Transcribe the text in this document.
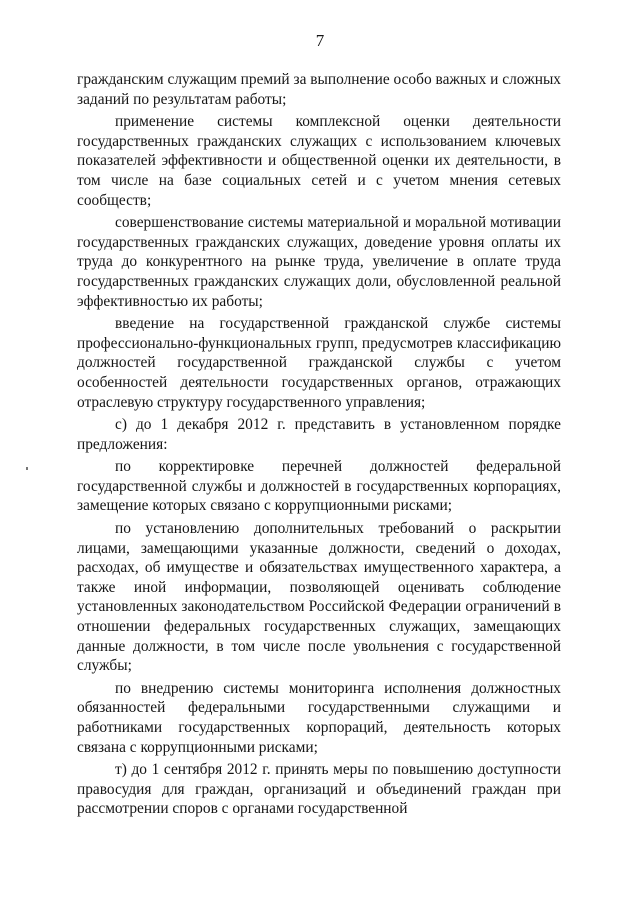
7

гражданским служащим премий за выполнение особо важных и сложных заданий по результатам работы;

применение системы комплексной оценки деятельности государственных гражданских служащих с использованием ключевых показателей эффективности и общественной оценки их деятельности, в том числе на базе социальных сетей и с учетом мнения сетевых сообществ;

совершенствование системы материальной и моральной мотивации государственных гражданских служащих, доведение уровня оплаты их труда до конкурентного на рынке труда, увеличение в оплате труда государственных гражданских служащих доли, обусловленной реальной эффективностью их работы;

введение на государственной гражданской службе системы профессионально-функциональных групп, предусмотрев классификацию должностей государственной гражданской службы с учетом особенностей деятельности государственных органов, отражающих отраслевую структуру государственного управления;

с) до 1 декабря 2012 г. представить в установленном порядке предложения:

по корректировке перечней должностей федеральной государственной службы и должностей в государственных корпорациях, замещение которых связано с коррупционными рисками;

по установлению дополнительных требований о раскрытии лицами, замещающими указанные должности, сведений о доходах, расходах, об имуществе и обязательствах имущественного характера, а также иной информации, позволяющей оценивать соблюдение установленных законодательством Российской Федерации ограничений в отношении федеральных государственных служащих, замещающих данные должности, в том числе после увольнения с государственной службы;

по внедрению системы мониторинга исполнения должностных обязанностей федеральными государственными служащими и работниками государственных корпораций, деятельность которых связана с коррупционными рисками;

т) до 1 сентября 2012 г. принять меры по повышению доступности правосудия для граждан, организаций и объединений граждан при рассмотрении споров с органами государственной
